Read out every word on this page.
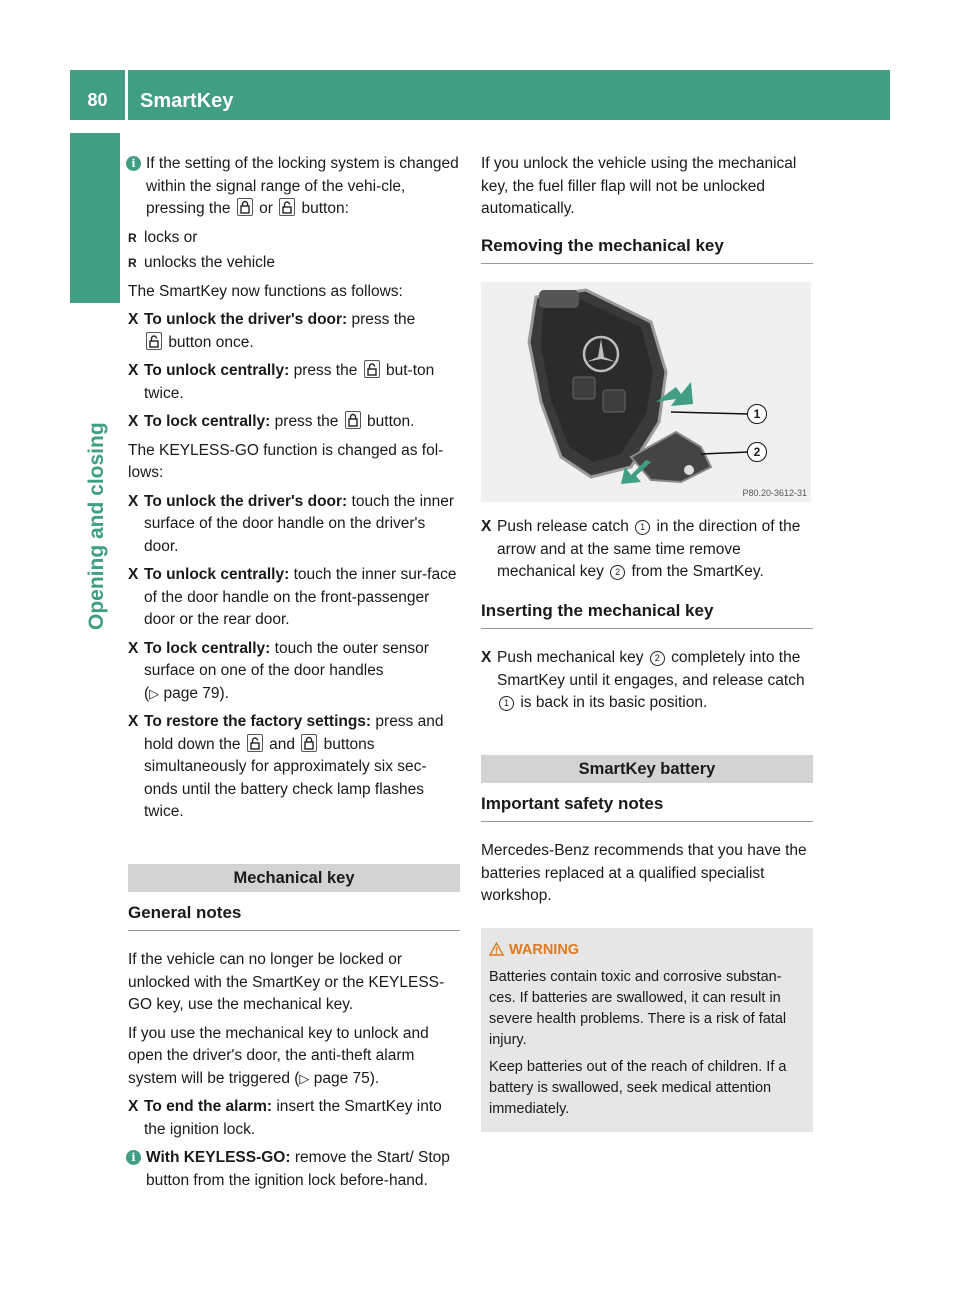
80	SmartKey
Opening and closing

i If the setting of the locking system is changed within the signal range of the vehi-cle, pressing the or button:

R locks or
R unlocks the vehicle

The SmartKey now functions as follows:

X To unlock the driver's door: press the

button once.
X To unlock centrally: press the but-ton twice.
X To lock centrally: press the button.

The KEYLESS-GO function is changed as fol-lows:

X To unlock the driver's door: touch the inner surface of the door handle on the driver's door.
X To unlock centrally: touch the inner sur-face of the door handle on the front-passenger door or the rear door.
X To lock centrally: touch the outer sensor surface on one of the door handles
(▷ page 79).
X To restore the factory settings: press and hold down the and buttons simultaneously for approximately six sec-onds until the battery check lamp flashes twice.
Mechanical key
General notes

If the vehicle can no longer be locked or unlocked with the SmartKey or the KEYLESS-GO key, use the mechanical key.

If you use the mechanical key to unlock and open the driver's door, the anti-theft alarm system will be triggered (▷ page 75).

X To end the alarm: insert the SmartKey into the ignition lock.

i With KEYLESS-GO: remove the Start/ Stop button from the ignition lock before-hand.

If you unlock the vehicle using the mechanical key, the fuel filler flap will not be unlocked automatically.

Removing the mechanical key
1
2
P80.20-3612-31
X Push release catch 1 in the direction of the arrow and at the same time remove mechanical key 2 from the SmartKey.
Inserting the mechanical key
X Push mechanical key 2 completely into the SmartKey until it engages, and release catch 1 is back in its basic position.
SmartKey battery
Important safety notes

Mercedes-Benz recommends that you have the batteries replaced at a qualified specialist workshop.

WARNING

Batteries contain toxic and corrosive substan-ces. If batteries are swallowed, it can result in severe health problems. There is a risk of fatal injury.

Keep batteries out of the reach of children. If a battery is swallowed, seek medical attention immediately.
